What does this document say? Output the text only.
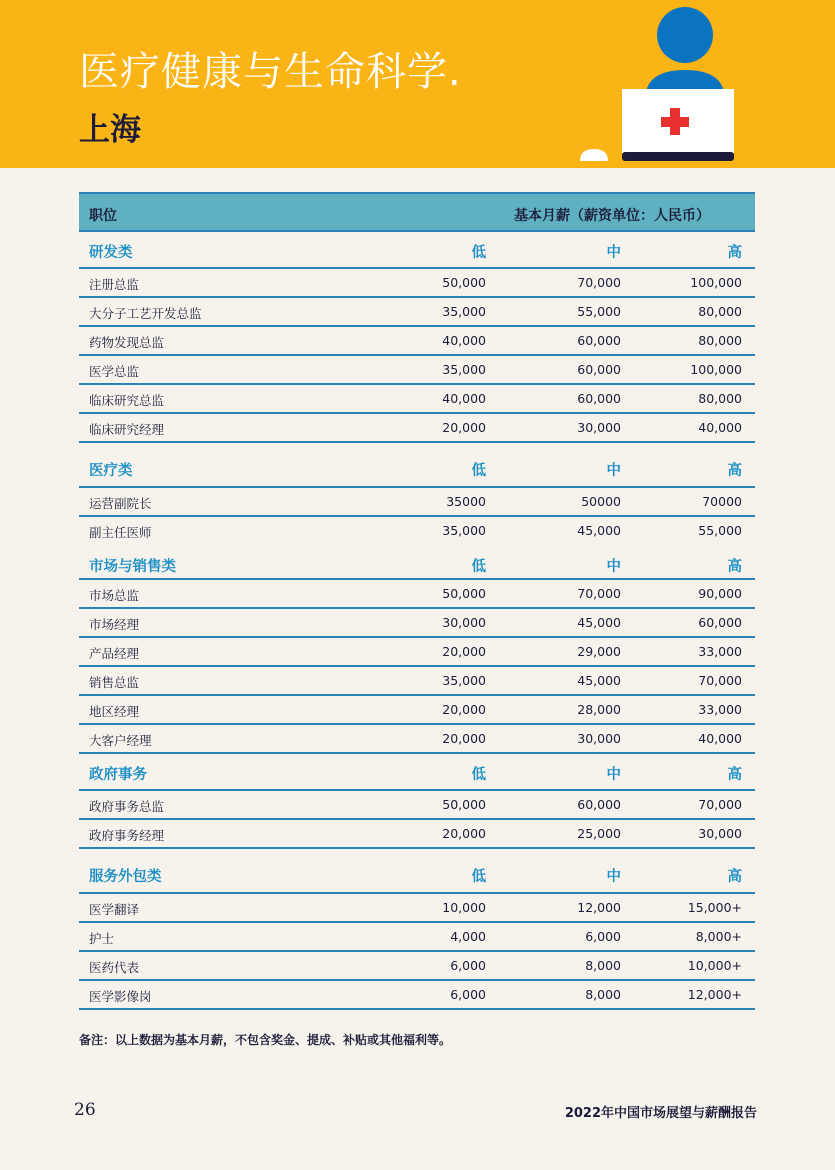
医疗健康与生命科学.
上海
职位	基本月薪（薪资单位：人民币）
研发类	低	中	高
注册总监	50,000	70,000	100,000
大分子工艺开发总监	35,000	55,000	80,000
药物发现总监	40,000	60,000	80,000
医学总监	35,000	60,000	100,000
临床研究总监	40,000	60,000	80,000
临床研究经理	20,000	30,000	40,000
医疗类	低	中	高
运营副院长	35000	50000	70000
副主任医师	35,000	45,000	55,000
市场与销售类	低	中	高
市场总监	50,000	70,000	90,000
市场经理	30,000	45,000	60,000
产品经理	20,000	29,000	33,000
销售总监	35,000	45,000	70,000
地区经理	20,000	28,000	33,000
大客户经理	20,000	30,000	40,000
政府事务	低	中	高
政府事务总监	50,000	60,000	70,000
政府事务经理	20,000	25,000	30,000
服务外包类	低	中	高
医学翻译	10,000	12,000	15,000+
护士	4,000	6,000	8,000+
医药代表	6,000	8,000	10,000+
医学影像岗	6,000	8,000	12,000+
备注：以上数据为基本月薪，不包含奖金、提成、补贴或其他福利等。
26	2022年中国市场展望与薪酬报告
